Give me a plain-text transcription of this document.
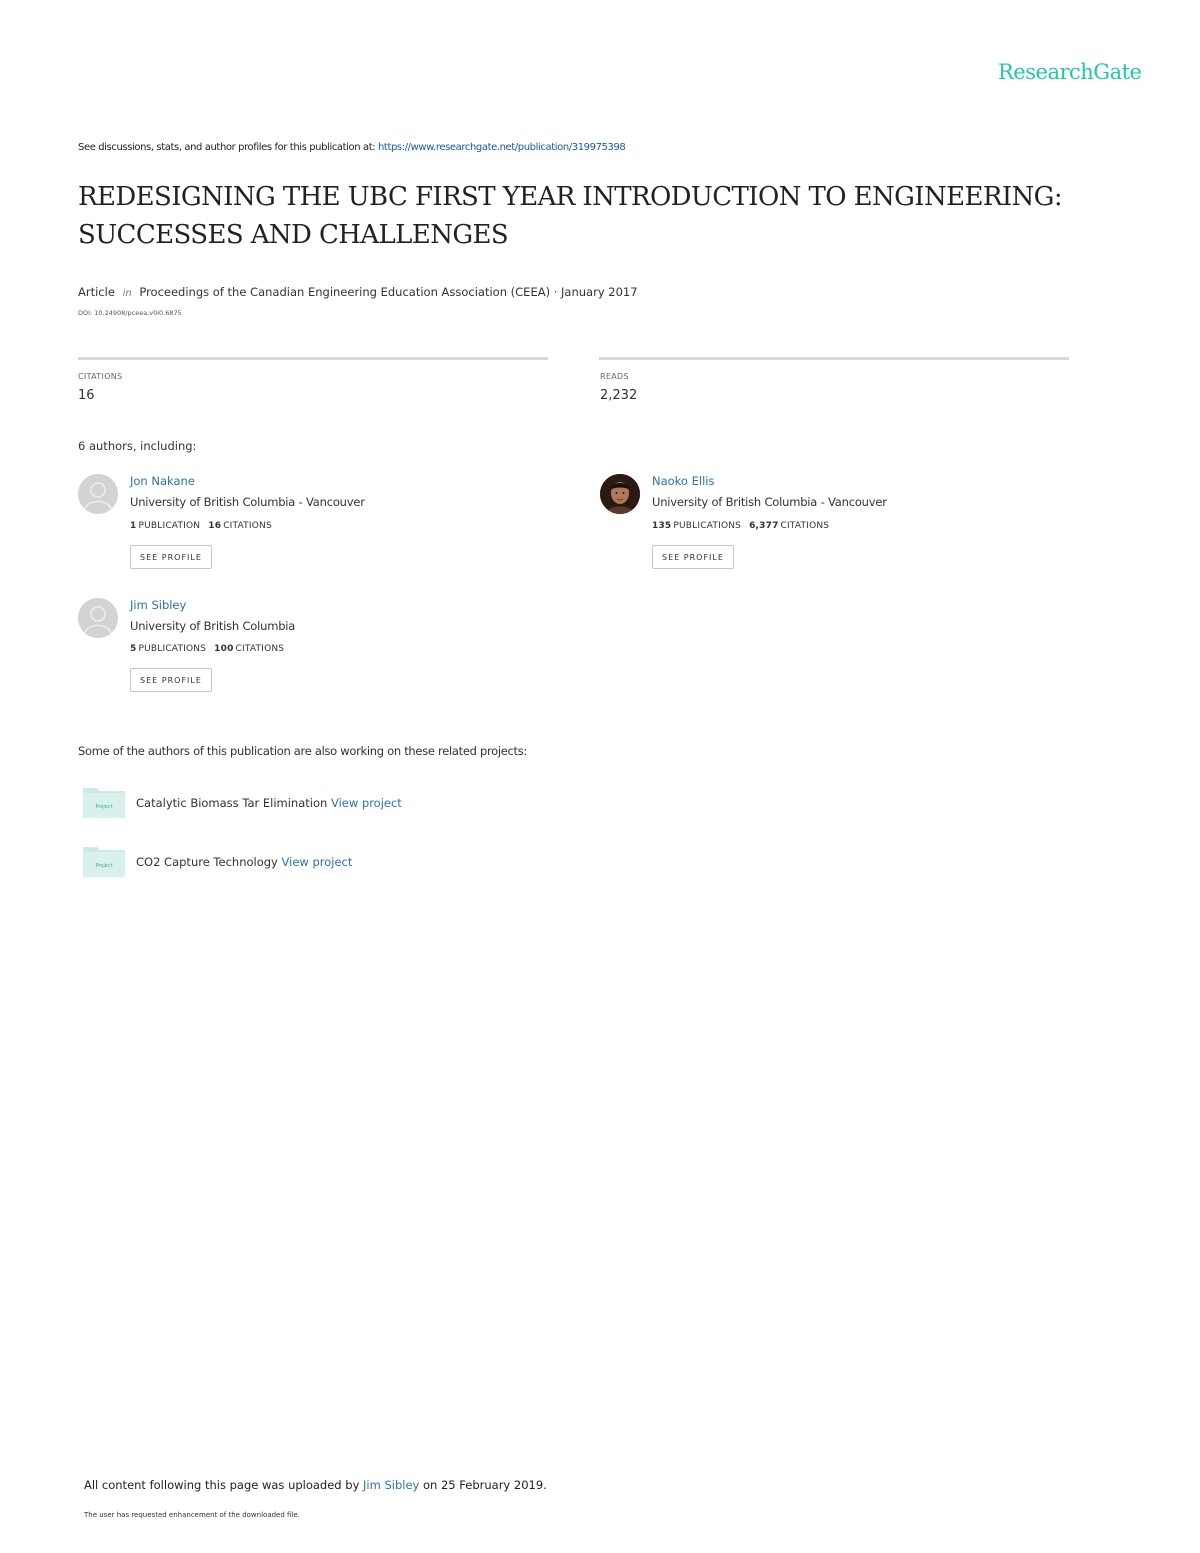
ResearchGate
See discussions, stats, and author profiles for this publication at: https://www.researchgate.net/publication/319975398
REDESIGNING THE UBC FIRST YEAR INTRODUCTION TO ENGINEERING:
SUCCESSES AND CHALLENGES
Article in Proceedings of the Canadian Engineering Education Association (CEEA) · January 2017
DOI: 10.24908/pceea.v0i0.6875
CITATIONS
16
READS
2,232
6 authors, including:
Jon Nakane
University of British Columbia - Vancouver
1 PUBLICATION 16 CITATIONS
SEE PROFILE
Naoko Ellis
University of British Columbia - Vancouver
135 PUBLICATIONS 6,377 CITATIONS
SEE PROFILE
Jim Sibley
University of British Columbia
5 PUBLICATIONS 100 CITATIONS
SEE PROFILE
Some of the authors of this publication are also working on these related projects:
Project Catalytic Biomass Tar Elimination View project
Project CO2 Capture Technology View project
All content following this page was uploaded by Jim Sibley on 25 February 2019.
The user has requested enhancement of the downloaded file.
